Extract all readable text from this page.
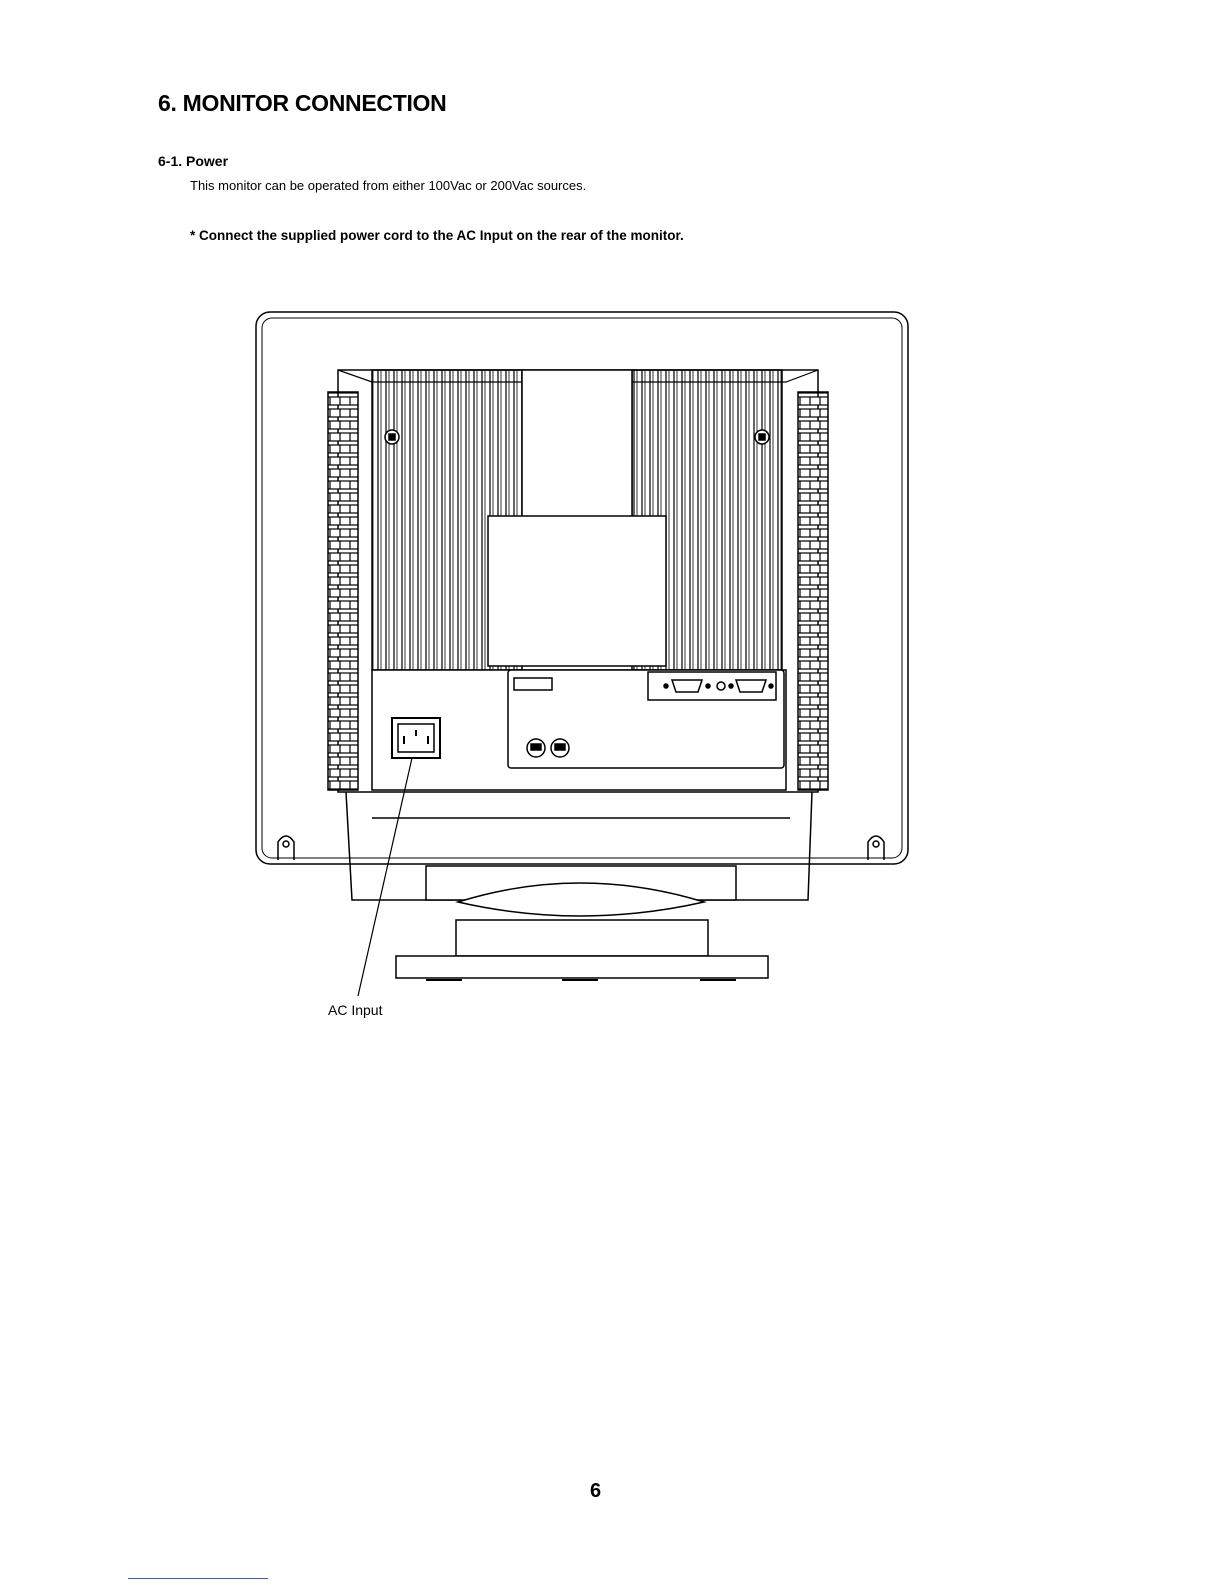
6. MONITOR CONNECTION
6-1. Power

This monitor can be operated from either 100Vac or 200Vac sources.

* Connect the supplied power cord to the AC Input on the rear of the monitor.

AC Input
6
